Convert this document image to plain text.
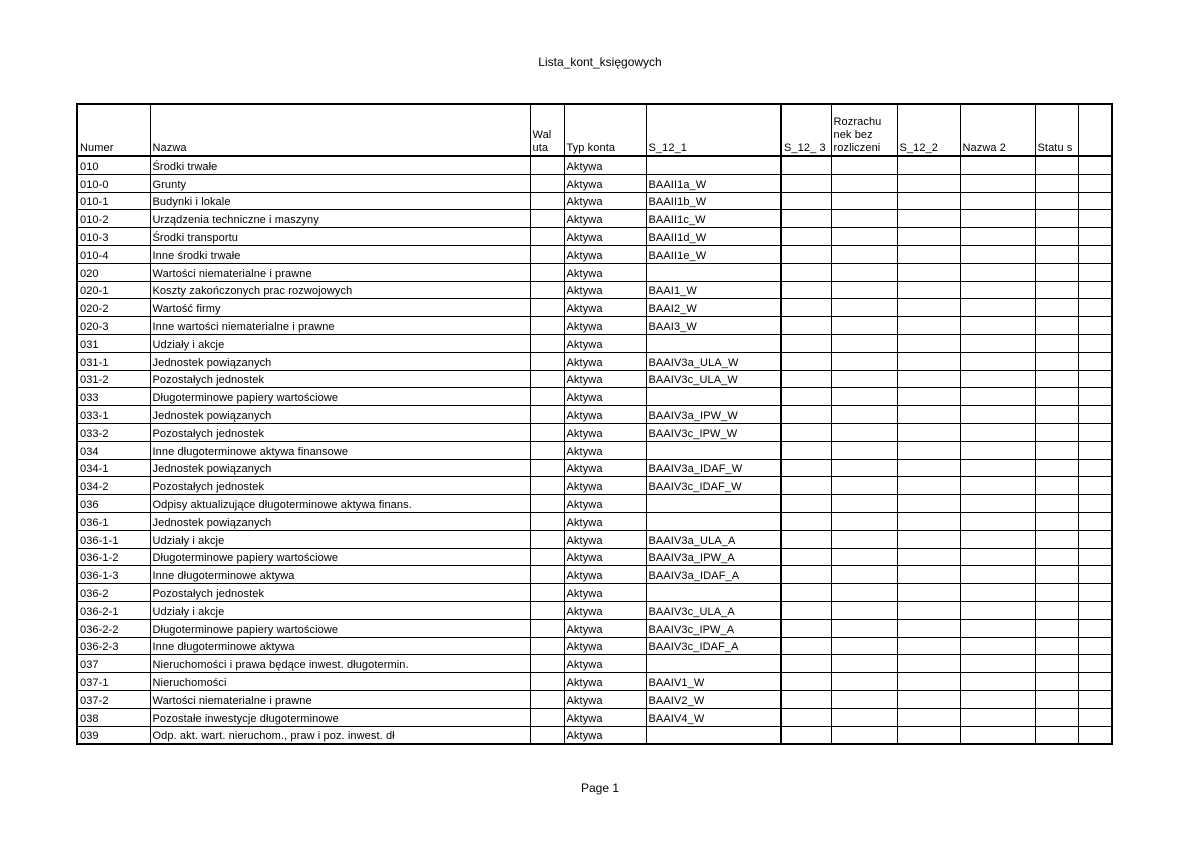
Lista_kont_księgowych
Numer	Nazwa	Wal uta	Typ konta	S_12_1	S_12_ 3	Rozrachu nek bez rozliczeni	S_12_2	Nazwa 2	Statu s	
010	Środki trwałe		Aktywa							
010-0	Grunty		Aktywa	BAAII1a_W						
010-1	Budynki i lokale		Aktywa	BAAII1b_W						
010-2	Urządzenia techniczne i maszyny		Aktywa	BAAII1c_W						
010-3	Środki transportu		Aktywa	BAAII1d_W						
010-4	Inne środki trwałe		Aktywa	BAAII1e_W						
020	Wartości niematerialne i prawne		Aktywa							
020-1	Koszty zakończonych prac rozwojowych		Aktywa	BAAI1_W						
020-2	Wartość firmy		Aktywa	BAAI2_W						
020-3	Inne wartości niematerialne i prawne		Aktywa	BAAI3_W						
031	Udziały i akcje		Aktywa							
031-1	Jednostek powiązanych		Aktywa	BAAIV3a_ULA_W						
031-2	Pozostałych jednostek		Aktywa	BAAIV3c_ULA_W						
033	Długoterminowe papiery wartościowe		Aktywa							
033-1	Jednostek powiązanych		Aktywa	BAAIV3a_IPW_W						
033-2	Pozostałych jednostek		Aktywa	BAAIV3c_IPW_W						
034	Inne długoterminowe aktywa finansowe		Aktywa							
034-1	Jednostek powiązanych		Aktywa	BAAIV3a_IDAF_W						
034-2	Pozostałych jednostek		Aktywa	BAAIV3c_IDAF_W						
036	Odpisy aktualizujące długoterminowe aktywa finans.		Aktywa							
036-1	Jednostek powiązanych		Aktywa							
036-1-1	Udziały i akcje		Aktywa	BAAIV3a_ULA_A						
036-1-2	Długoterminowe papiery wartościowe		Aktywa	BAAIV3a_IPW_A						
036-1-3	Inne długoterminowe aktywa		Aktywa	BAAIV3a_IDAF_A						
036-2	Pozostałych jednostek		Aktywa							
036-2-1	Udziały i akcje		Aktywa	BAAIV3c_ULA_A						
036-2-2	Długoterminowe papiery wartościowe		Aktywa	BAAIV3c_IPW_A						
036-2-3	Inne długoterminowe aktywa		Aktywa	BAAIV3c_IDAF_A						
037	Nieruchomości i prawa będące inwest. długotermin.		Aktywa							
037-1	Nieruchomości		Aktywa	BAAIV1_W						
037-2	Wartości niematerialne i prawne		Aktywa	BAAIV2_W						
038	Pozostałe inwestycje długoterminowe		Aktywa	BAAIV4_W						
039	Odp. akt. wart. nieruchom., praw i poz. inwest. dł		Aktywa							
Page 1
